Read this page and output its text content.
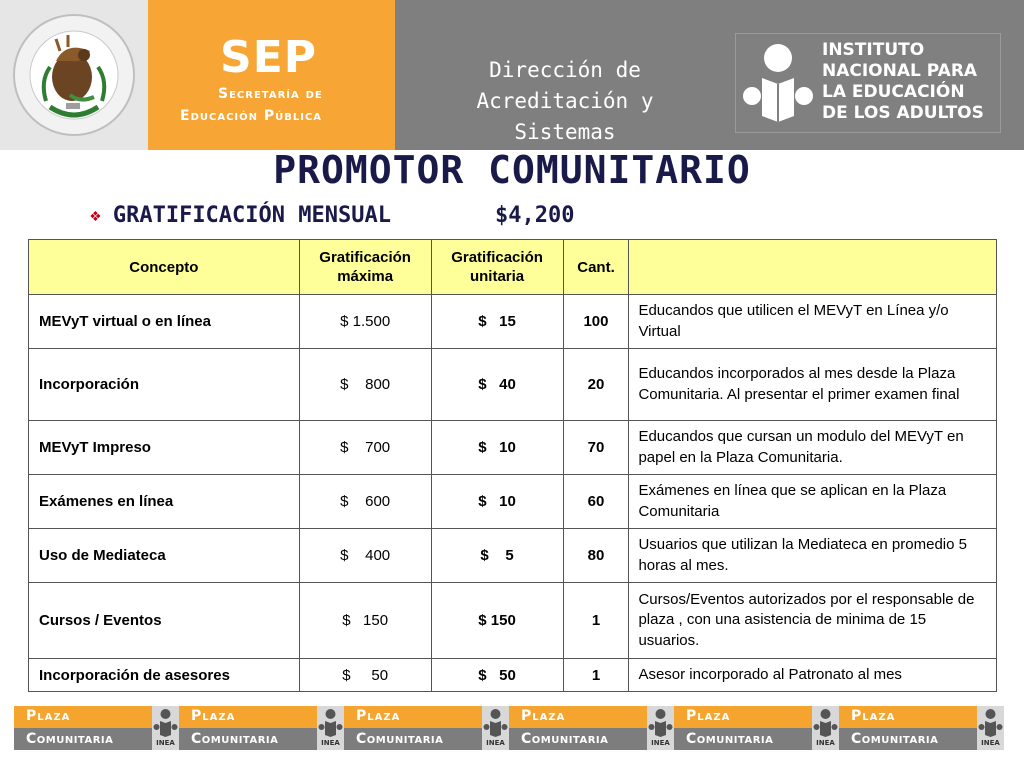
SEP
Secretaría de
Educación Pública
Dirección de
Acreditación y
Sistemas
INSTITUTO
NACIONAL PARA
LA EDUCACIÓN
DE LOS ADULTOS
PROMOTOR COMUNITARIO
❖ GRATIFICACIÓN MENSUAL	$4,200
Concepto	Gratificación máxima	Gratificación unitaria	Cant.	
MEVyT virtual o en línea	$ 1.500	$   15	100	Educandos que utilicen el MEVyT en Línea y/o Virtual
Incorporación	$    800	$   40	20	Educandos incorporados al mes desde la Plaza Comunitaria. Al presentar el primer examen final
MEVyT Impreso	$    700	$   10	70	Educandos que cursan un modulo del MEVyT en papel en la Plaza Comunitaria.
Exámenes en línea	$    600	$   10	60	Exámenes en línea que se aplican en la Plaza Comunitaria
Uso de Mediateca	$    400	$    5	80	Usuarios que utilizan la Mediateca en promedio 5 horas al mes.
Cursos / Eventos	$   150	$ 150	1	Cursos/Eventos autorizados por el responsable de plaza , con una asistencia de minima de 15 usuarios.
Incorporación de asesores	$     50	$   50	1	Asesor incorporado al Patronato al mes
Plaza
Comunitaria	INEA
Plaza
Comunitaria	INEA
Plaza
Comunitaria	INEA
Plaza
Comunitaria	INEA
Plaza
Comunitaria	INEA
Plaza
Comunitaria	INEA
